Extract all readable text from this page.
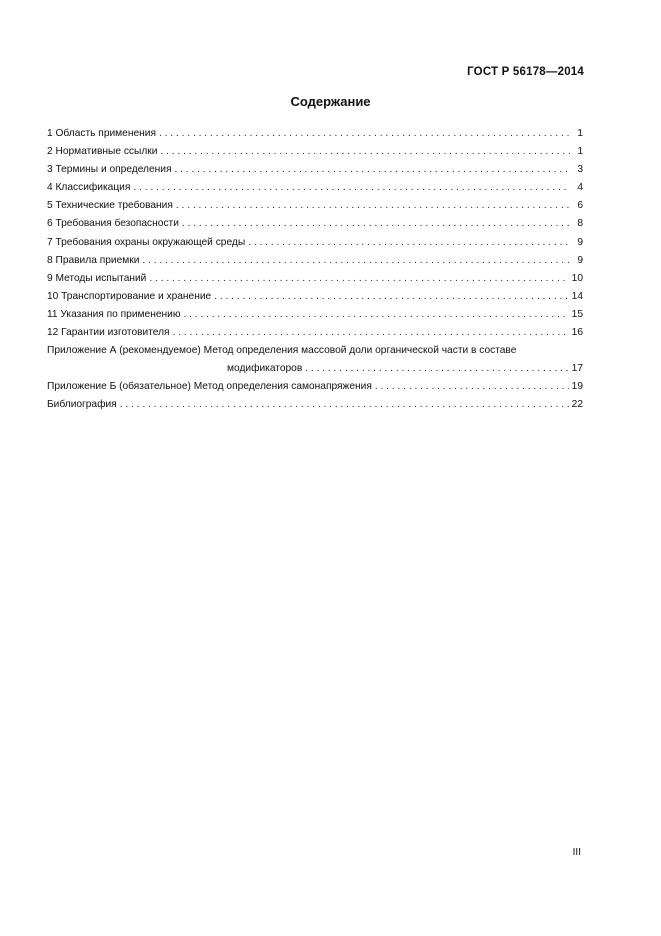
ГОСТ Р 56178—2014
Содержание
1 Область применения . . .	1
2 Нормативные ссылки . . .	1
3 Термины и определения . . .	3
4 Классификация . . .	4
5 Технические требования . . .	6
6 Требования безопасности . . .	8
7 Требования охраны окружающей среды . . .	9
8 Правила приемки . . .	9
9 Методы испытаний . . .	10
10 Транспортирование и хранение . . .	14
11 Указания по применению . . .	15
12 Гарантии изготовителя . . .	16
Приложение А (рекомендуемое) Метод определения массовой доли органической части в составе
модификаторов . . .	17
Приложение Б (обязательное) Метод определения самонапряжения . . .	19
Библиография . . .	22
III
